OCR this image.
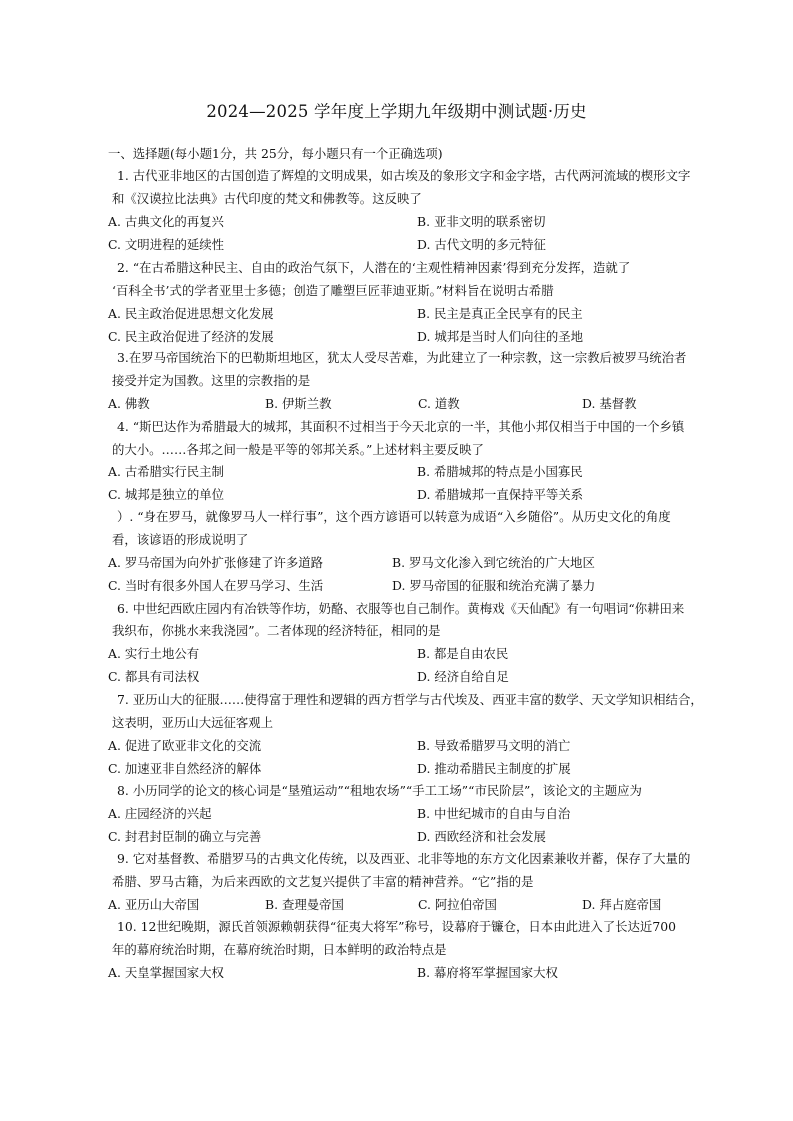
2024—2025 学年度上学期九年级期中测试题·历史
一、选择题(每小题1分，共 25分，每小题只有一个正确选项)
1. 古代亚非地区的古国创造了辉煌的文明成果，如古埃及的象形文字和金字塔，古代两河流域的楔形文字
和《汉谟拉比法典》古代印度的梵文和佛教等。这反映了
A. 古典文化的再复兴	B. 亚非文明的联系密切
C. 文明进程的延续性	D. 古代文明的多元特征
2. “在古希腊这种民主、自由的政治气氛下，人潜在的‘主观性精神因素’得到充分发挥，造就了
‘百科全书’式的学者亚里士多德；创造了雕塑巨匠菲迪亚斯。”材料旨在说明古希腊
A. 民主政治促进思想文化发展	B. 民主是真正全民享有的民主
C. 民主政治促进了经济的发展	D. 城邦是当时人们向往的圣地
3.在罗马帝国统治下的巴勒斯坦地区，犹太人受尽苦难，为此建立了一种宗教，这一宗教后被罗马统治者
接受并定为国教。这里的宗教指的是
A. 佛教	B. 伊斯兰教	C. 道教	D. 基督教
4. “斯巴达作为希腊最大的城邦，其面积不过相当于今天北京的一半，其他小邦仅相当于中国的一个乡镇
的大小。……各邦之间一般是平等的邻邦关系。”上述材料主要反映了
A. 古希腊实行民主制	B. 希腊城邦的特点是小国寡民
C. 城邦是独立的单位	D. 希腊城邦一直保持平等关系
）. “身在罗马，就像罗马人一样行事”，这个西方谚语可以转意为成语“入乡随俗”。从历史文化的角度
看，该谚语的形成说明了
A. 罗马帝国为向外扩张修建了许多道路	B. 罗马文化渗入到它统治的广大地区
C. 当时有很多外国人在罗马学习、生活	D. 罗马帝国的征服和统治充满了暴力
6. 中世纪西欧庄园内有冶铁等作坊，奶酪、衣服等也自己制作。黄梅戏《天仙配》有一句唱词“你耕田来
我织布，你挑水来我浇园”。二者体现的经济特征，相同的是
A. 实行土地公有	B. 都是自由农民
C. 都具有司法权	D. 经济自给自足
7. 亚历山大的征服……使得富于理性和逻辑的西方哲学与古代埃及、西亚丰富的数学、天文学知识相结合，
这表明，亚历山大远征客观上
A. 促进了欧亚非文化的交流	B. 导致希腊罗马文明的消亡
C. 加速亚非自然经济的解体	D. 推动希腊民主制度的扩展
8. 小历同学的论文的核心词是“垦殖运动”“租地农场”“手工工场”“市民阶层”，该论文的主题应为
A. 庄园经济的兴起	B. 中世纪城市的自由与自治
C. 封君封臣制的确立与完善	D. 西欧经济和社会发展
9. 它对基督教、希腊罗马的古典文化传统，以及西亚、北非等地的东方文化因素兼收并蓄，保存了大量的
希腊、罗马古籍，为后来西欧的文艺复兴提供了丰富的精神营养。“它”指的是
A. 亚历山大帝国	B. 查理曼帝国	C. 阿拉伯帝国	D. 拜占庭帝国
10. 12世纪晚期，源氏首领源赖朝获得“征夷大将军”称号，设幕府于镰仓，日本由此进入了长达近700
年的幕府统治时期，在幕府统治时期，日本鲜明的政治特点是
A. 天皇掌握国家大权	B. 幕府将军掌握国家大权
